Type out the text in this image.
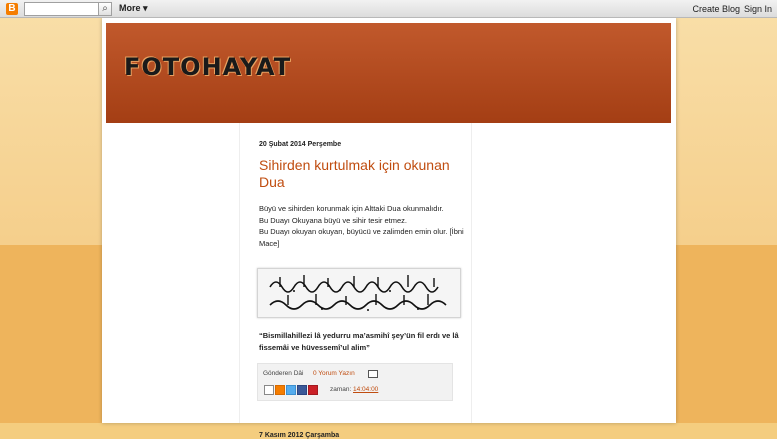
B	⌕	More ▾	Create Blog Sign In
FOTOHAYAT
20 Şubat 2014 Perşembe
Sihirden kurtulmak için okunan Dua
Büyü ve sihirden korunmak için Alttaki Dua okunmalıdır.
Bu Duayı Okuyana büyü ve sihir tesir etmez.
Bu Duayı okuyan okuyan, büyücü ve zalimden emin olur. [İbni Mace]
“Bismillahillezi lâ yedurru ma’asmihî şey’ün fil erdı ve lâ fissemâi ve hüvessemî’ul alim”
Gönderen Dâi 0 Yorum Yazın
zaman: 14:04:00
7 Kasım 2012 Çarşamba
